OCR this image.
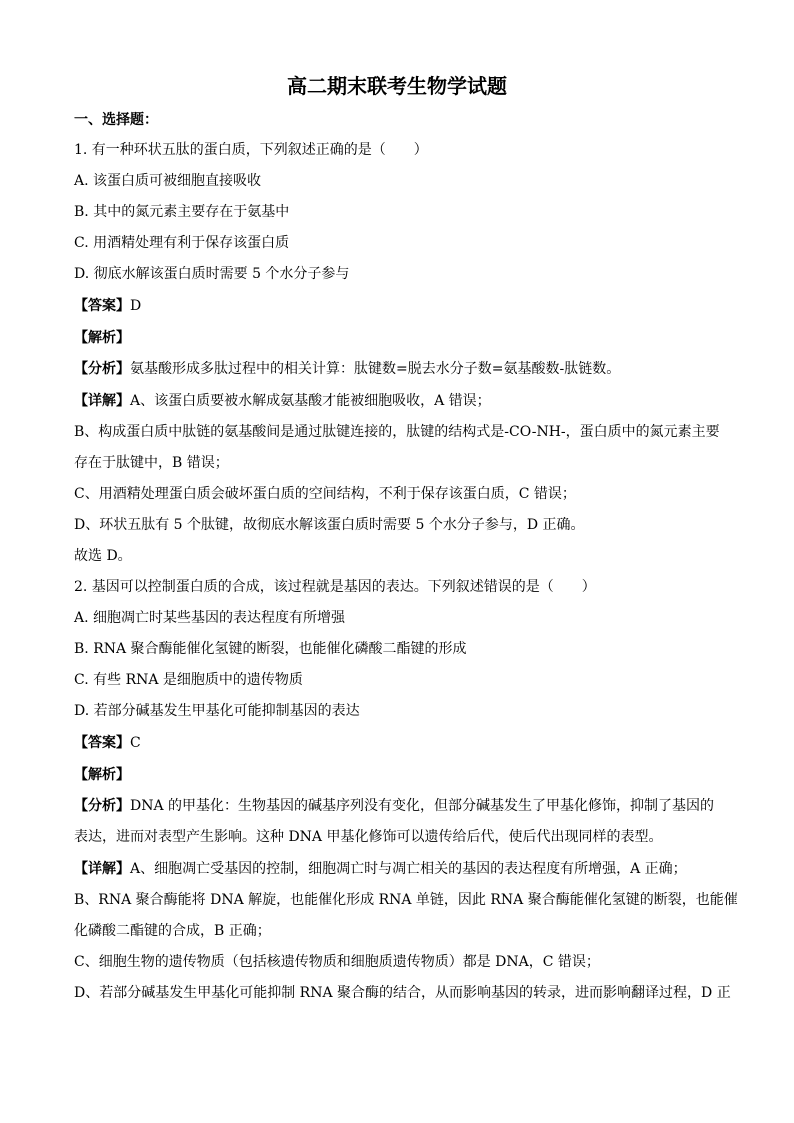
高二期末联考生物学试题
一、选择题：
1. 有一种环状五肽的蛋白质，下列叙述正确的是（　　）
A. 该蛋白质可被细胞直接吸收
B. 其中的氮元素主要存在于氨基中
C. 用酒精处理有利于保存该蛋白质
D. 彻底水解该蛋白质时需要 5 个水分子参与
【答案】D
【解析】
【分析】氨基酸形成多肽过程中的相关计算：肽键数=脱去水分子数=氨基酸数-肽链数。
【详解】A、该蛋白质要被水解成氨基酸才能被细胞吸收，A 错误；
B、构成蛋白质中肽链的氨基酸间是通过肽键连接的，肽键的结构式是-CO-NH-，蛋白质中的氮元素主要
存在于肽键中，B 错误；
C、用酒精处理蛋白质会破坏蛋白质的空间结构，不利于保存该蛋白质，C 错误；
D、环状五肽有 5 个肽键，故彻底水解该蛋白质时需要 5 个水分子参与，D 正确。
故选 D。
2. 基因可以控制蛋白质的合成，该过程就是基因的表达。下列叙述错误的是（　　）
A. 细胞凋亡时某些基因的表达程度有所增强
B. RNA 聚合酶能催化氢键的断裂，也能催化磷酸二酯键的形成
C. 有些 RNA 是细胞质中的遗传物质
D. 若部分碱基发生甲基化可能抑制基因的表达
【答案】C
【解析】
【分析】DNA 的甲基化：生物基因的碱基序列没有变化，但部分碱基发生了甲基化修饰，抑制了基因的
表达，进而对表型产生影响。这种 DNA 甲基化修饰可以遗传给后代，使后代出现同样的表型。
【详解】A、细胞凋亡受基因的控制，细胞凋亡时与凋亡相关的基因的表达程度有所增强，A 正确；
B、RNA 聚合酶能将 DNA 解旋，也能催化形成 RNA 单链，因此 RNA 聚合酶能催化氢键的断裂，也能催
化磷酸二酯键的合成，B 正确；
C、细胞生物的遗传物质（包括核遗传物质和细胞质遗传物质）都是 DNA，C 错误；
D、若部分碱基发生甲基化可能抑制 RNA 聚合酶的结合，从而影响基因的转录，进而影响翻译过程，D 正
